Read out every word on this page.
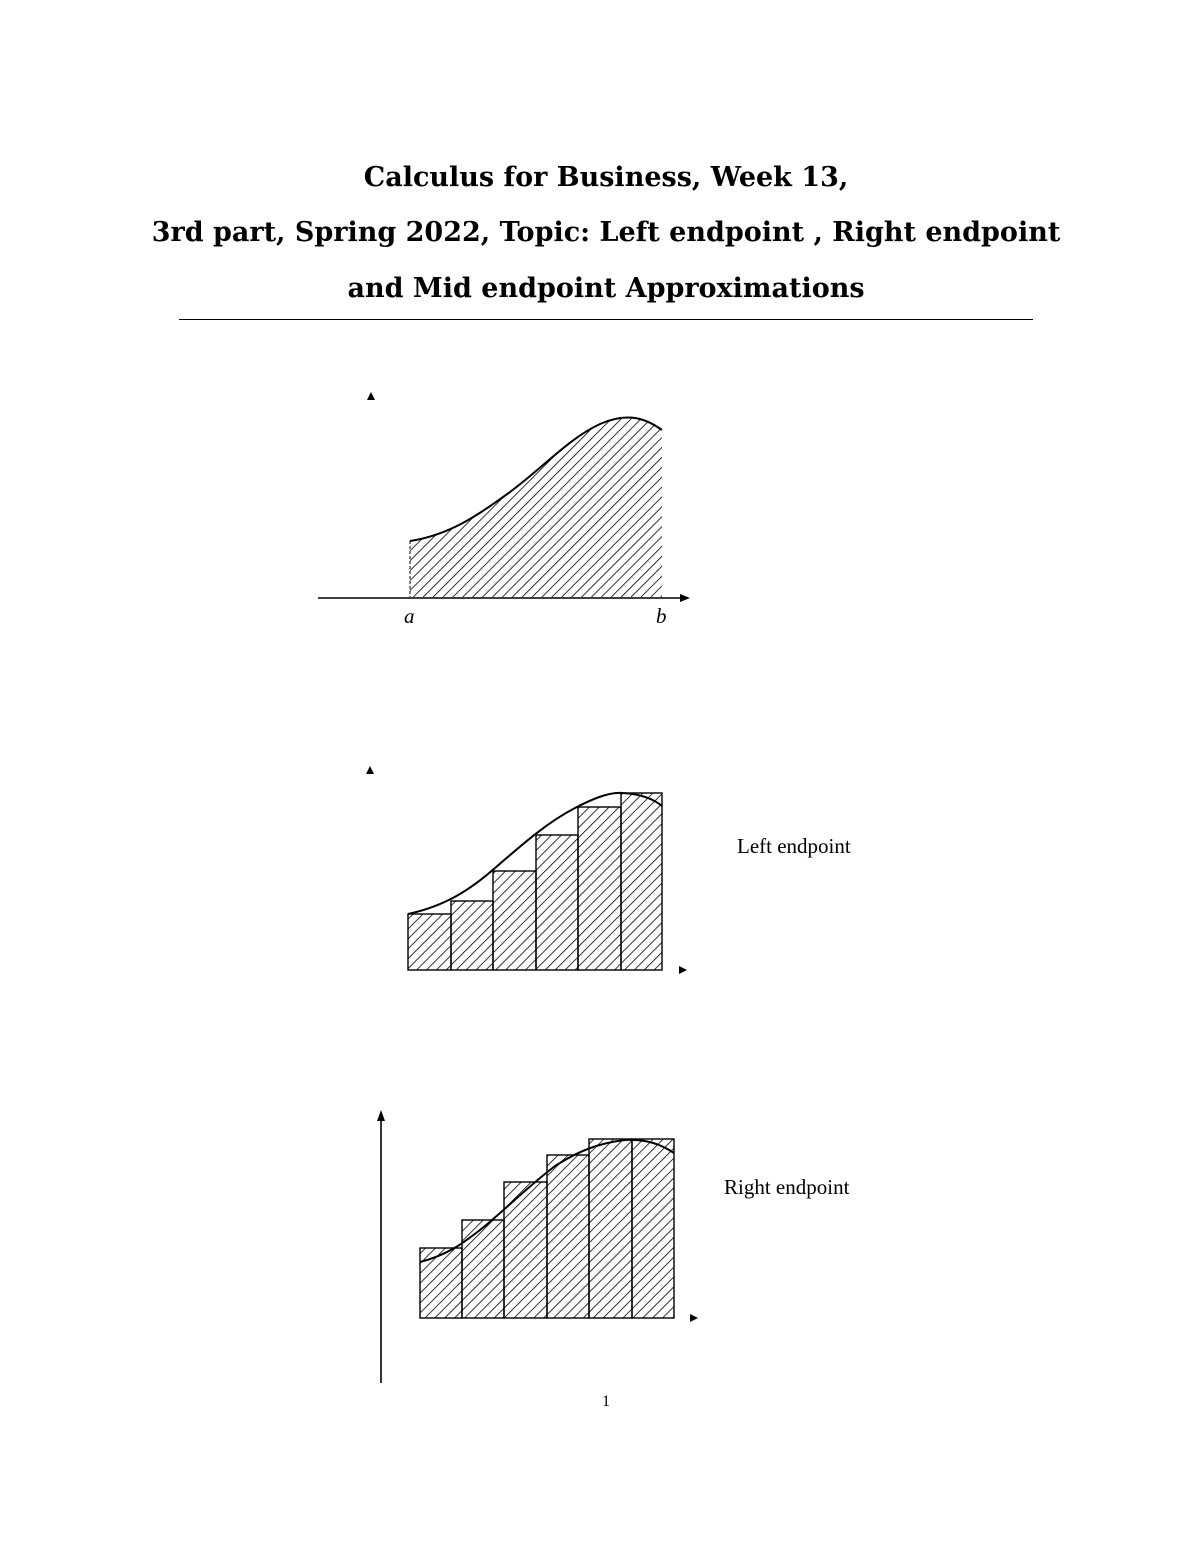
Calculus for Business, Week 13,
3rd part, Spring 2022, Topic: Left endpoint , Right endpoint
and Mid endpoint Approximations
a	b
Left endpoint
Right endpoint
1
